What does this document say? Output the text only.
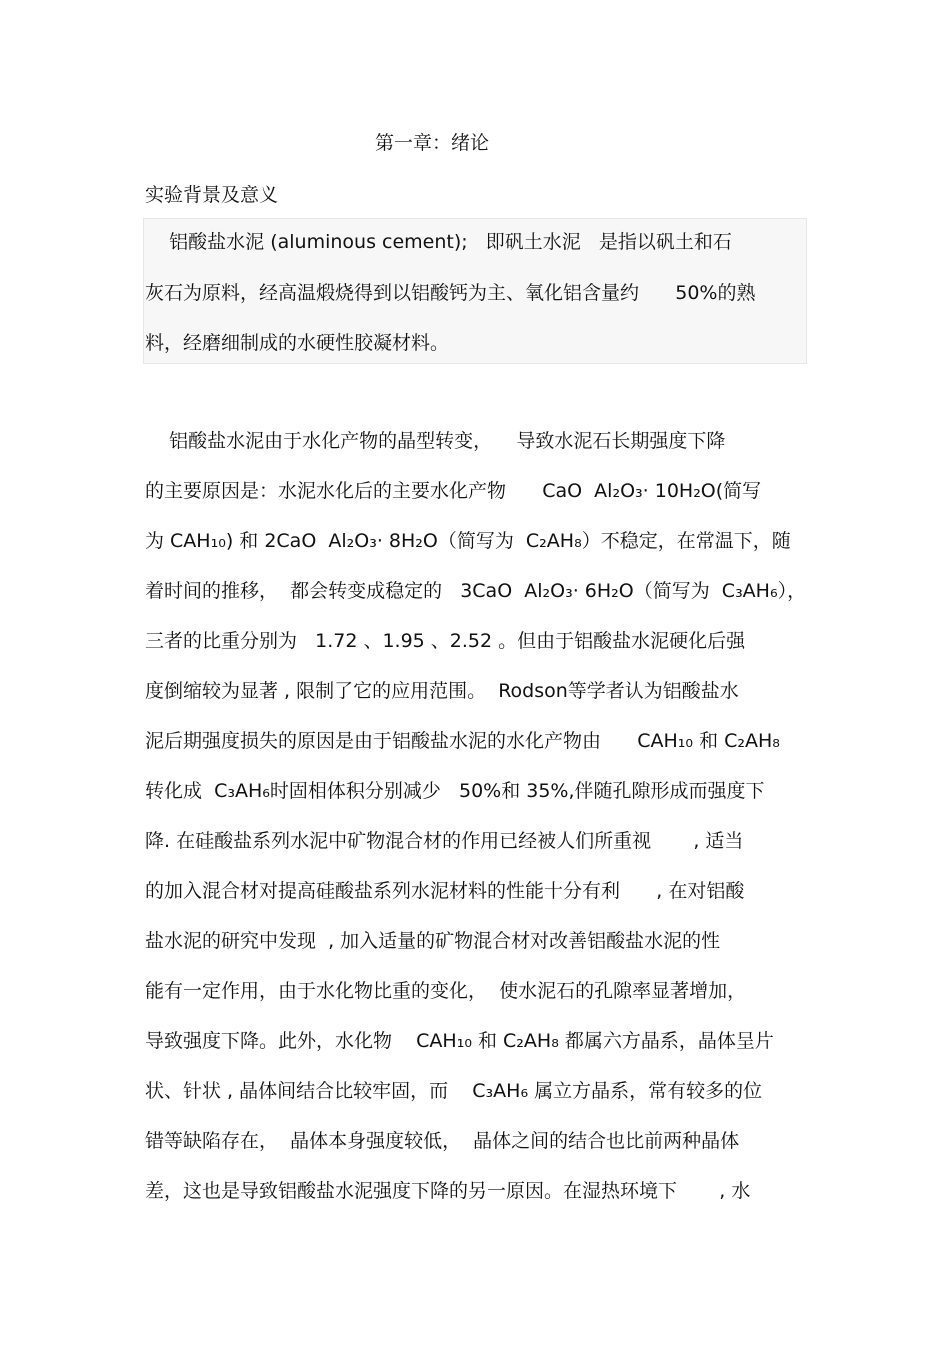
第一章：绪论
实验背景及意义
铝酸盐水泥 (aluminous cement);   即矾土水泥   是指以矾土和石
灰石为原料，经高温煅烧得到以铝酸钙为主、氧化铝含量约      50%的熟
料，经磨细制成的水硬性胶凝材料。
铝酸盐水泥由于水化产物的晶型转变，    导致水泥石长期强度下降
的主要原因是：水泥水化后的主要水化产物      CaO  Al₂O₃· 10H₂O(简写
为 CAH₁₀) 和 2CaO  Al₂O₃· 8H₂O（简写为  C₂AH₈）不稳定，在常温下，随
着时间的推移，  都会转变成稳定的   3CaO  Al₂O₃· 6H₂O（简写为  C₃AH₆），
三者的比重分别为   1.72 、1.95 、2.52 。但由于铝酸盐水泥硬化后强
度倒缩较为显著 , 限制了它的应用范围。  Rodson等学者认为铝酸盐水
泥后期强度损失的原因是由于铝酸盐水泥的水化产物由      CAH₁₀ 和 C₂AH₈
转化成  C₃AH₆时固相体积分别减少   50%和 35%,伴随孔隙形成而强度下
降. 在硅酸盐系列水泥中矿物混合材的作用已经被人们所重视       , 适当
的加入混合材对提高硅酸盐系列水泥材料的性能十分有利      , 在对铝酸
盐水泥的研究中发现  , 加入适量的矿物混合材对改善铝酸盐水泥的性
能有一定作用，由于水化物比重的变化，  使水泥石的孔隙率显著增加，
导致强度下降。此外，水化物    CAH₁₀ 和 C₂AH₈ 都属六方晶系，晶体呈片
状、针状 , 晶体间结合比较牢固，而    C₃AH₆ 属立方晶系，常有较多的位
错等缺陷存在，  晶体本身强度较低，  晶体之间的结合也比前两种晶体
差，这也是导致铝酸盐水泥强度下降的另一原因。在湿热环境下       , 水
